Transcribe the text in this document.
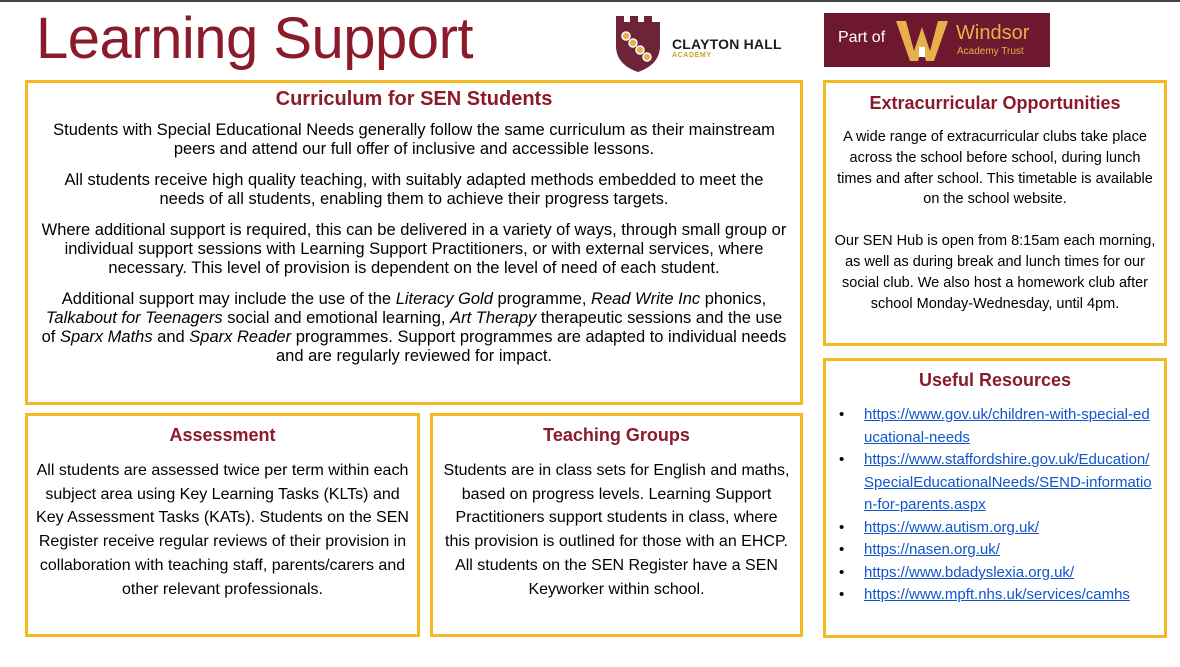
Learning Support	CLAYTON HALL
ACADEMY
Part of	Windsor
Academy Trust
Curriculum for SEN Students

Students with Special Educational Needs generally follow the same curriculum as their mainstream peers and attend our full offer of inclusive and accessible lessons.

All students receive high quality teaching, with suitably adapted methods embedded to meet the needs of all students, enabling them to achieve their progress targets.

Where additional support is required, this can be delivered in a variety of ways, through small group or individual support sessions with Learning Support Practitioners, or with external services, where necessary. This level of provision is dependent on the level of need of each student.

Additional support may include the use of the Literacy Gold programme, Read Write Inc phonics, Talkabout for Teenagers social and emotional learning, Art Therapy therapeutic sessions and the use of Sparx Maths and Sparx Reader programmes. Support programmes are adapted to individual needs and are regularly reviewed for impact.

Extracurricular Opportunities

A wide range of extracurricular clubs take place across the school before school, during lunch times and after school. This timetable is available on the school website.

Our SEN Hub is open from 8:15am each morning, as well as during break and lunch times for our social club. We also host a homework club after school Monday-Wednesday, until 4pm.

Useful Resources
• https://www.gov.uk/children-with-special-educational-needs
• https://www.staffordshire.gov.uk/Education/SpecialEducationalNeeds/SEND-information-for-parents.aspx
• https://www.autism.org.uk/
• https://nasen.org.uk/
• https://www.bdadyslexia.org.uk/
• https://www.mpft.nhs.uk/services/camhs
Assessment

All students are assessed twice per term within each subject area using Key Learning Tasks (KLTs) and Key Assessment Tasks (KATs). Students on the SEN Register receive regular reviews of their provision in collaboration with teaching staff, parents/carers and other relevant professionals.

Teaching Groups

Students are in class sets for English and maths, based on progress levels. Learning Support Practitioners support students in class, where this provision is outlined for those with an EHCP.

All students on the SEN Register have a SEN Keyworker within school.
